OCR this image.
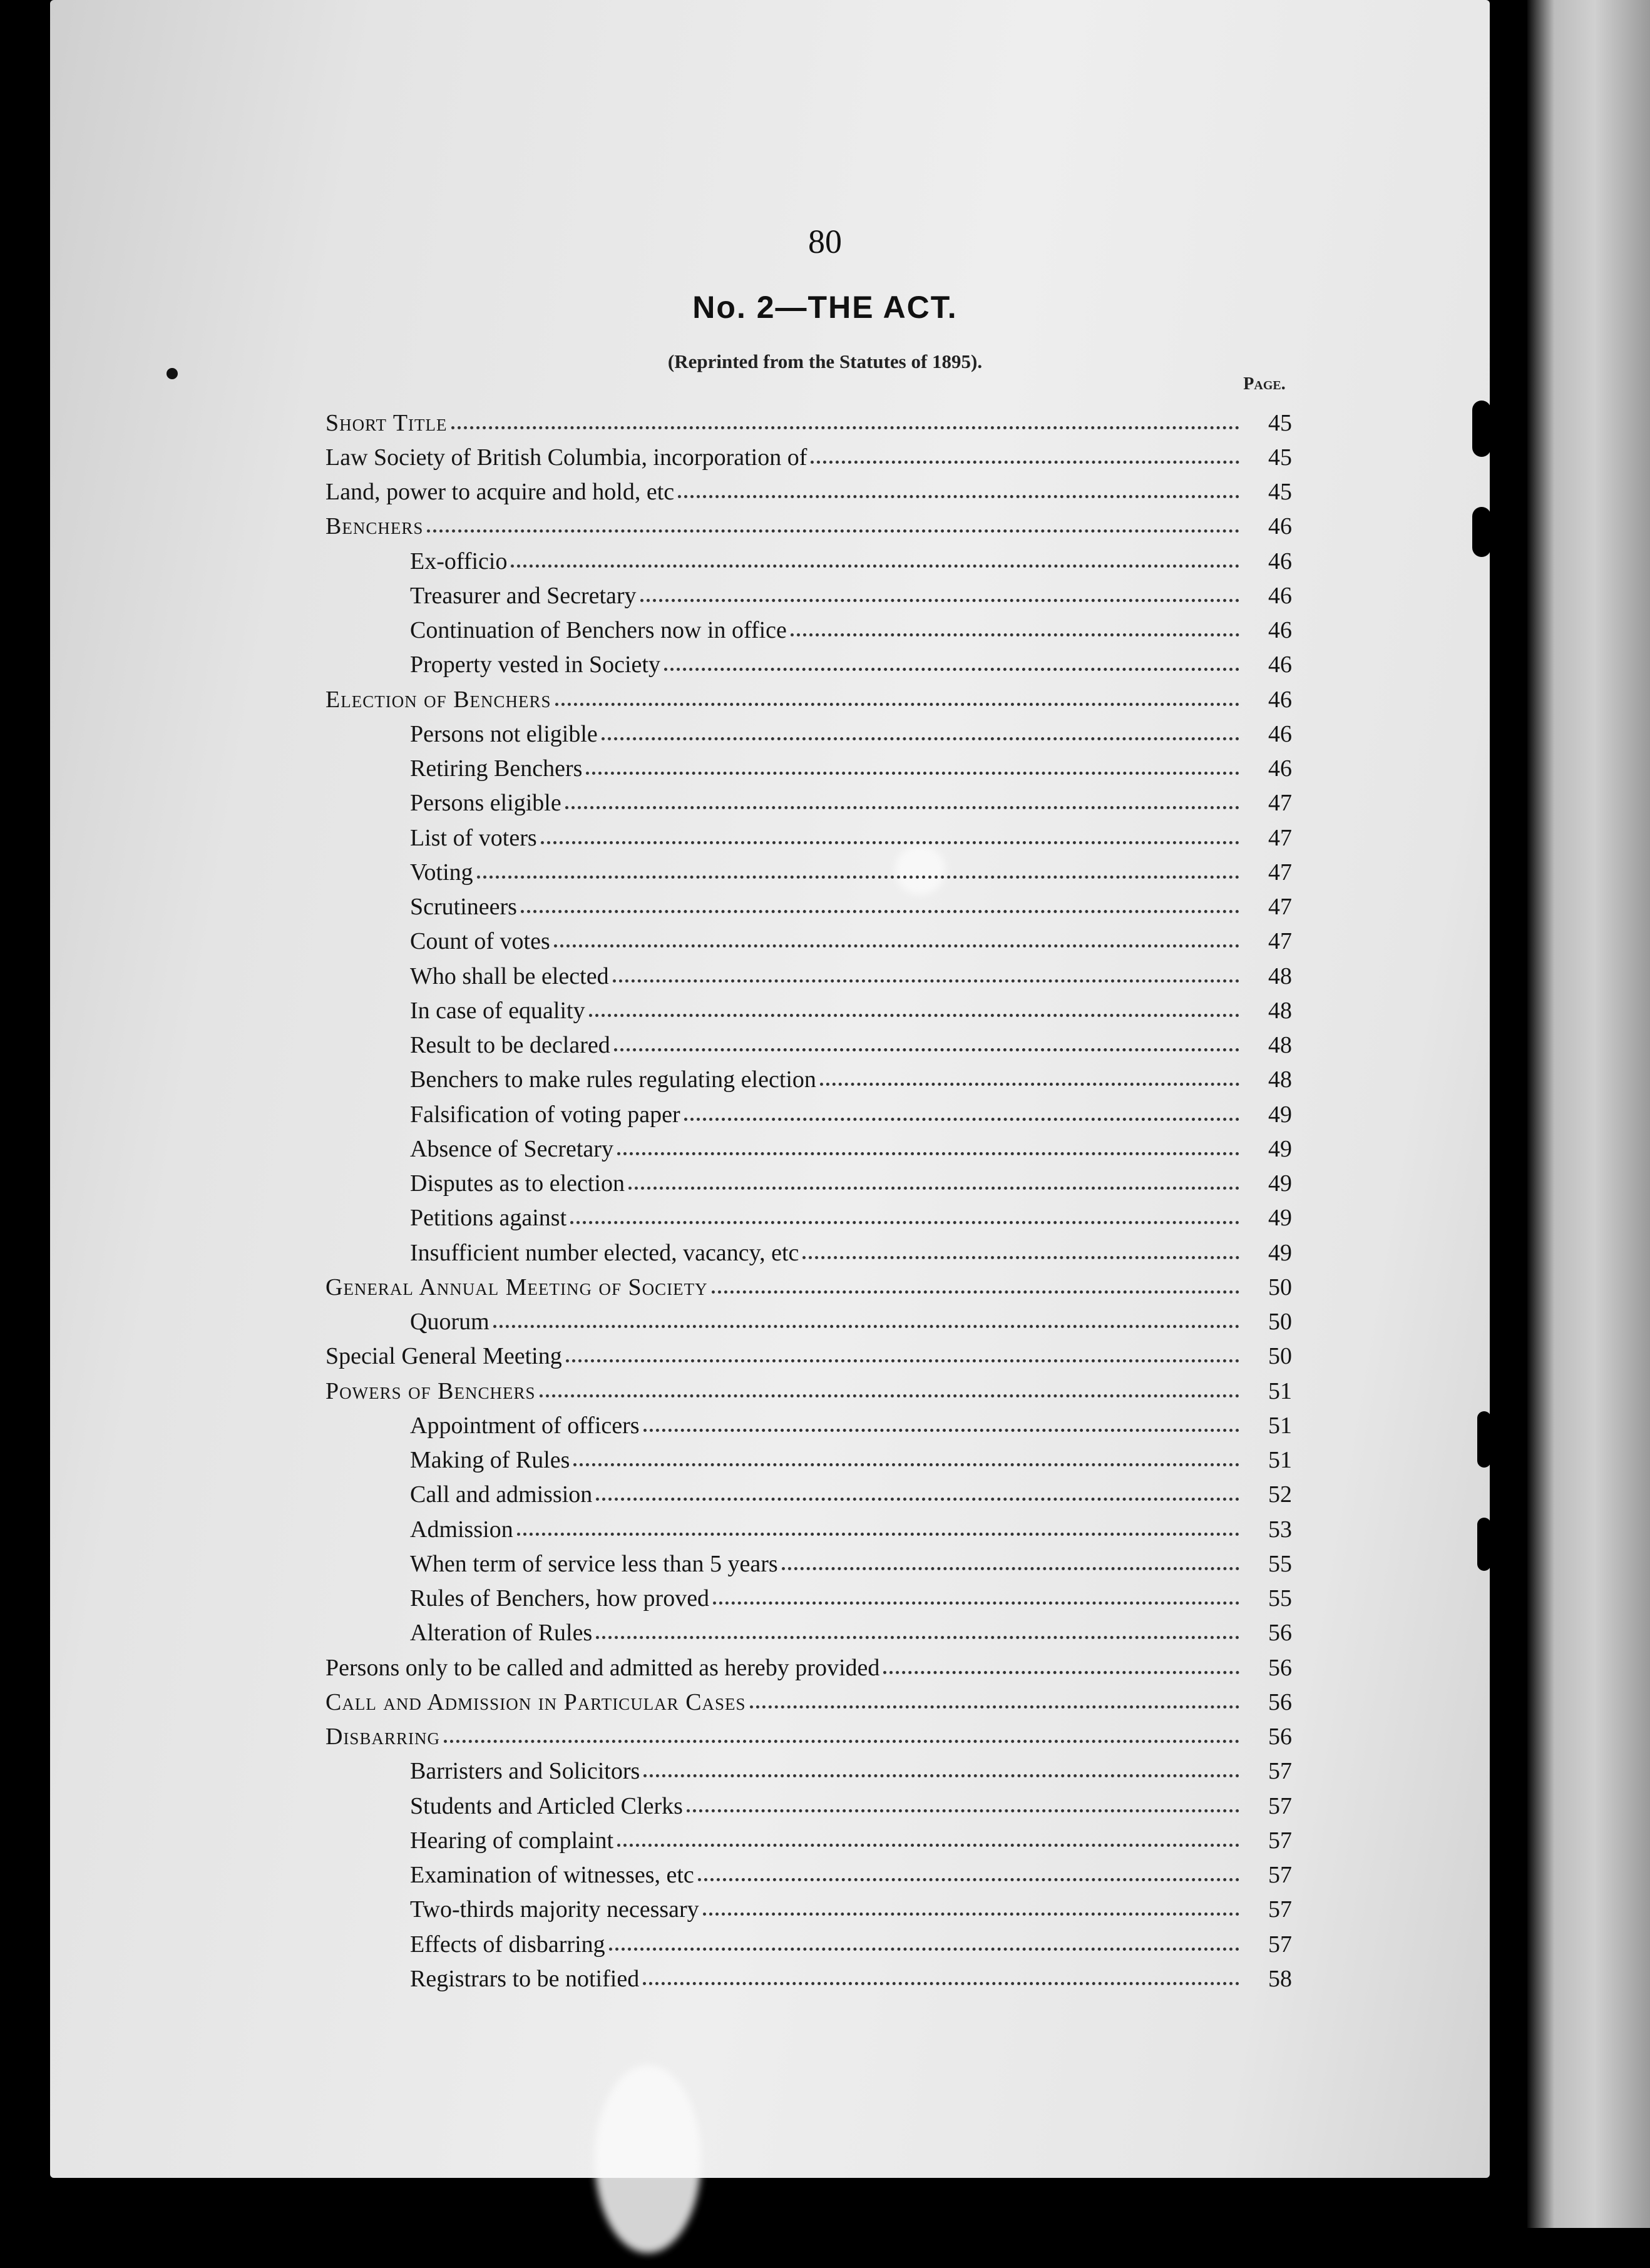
80
No. 2—THE ACT.
(Reprinted from the Statutes of 1895).
Page.
Short Title	45
Law Society of British Columbia, incorporation of	45
Land, power to acquire and hold, etc	45
Benchers	46
Ex-officio	46
Treasurer and Secretary	46
Continuation of Benchers now in office	46
Property vested in Society	46
Election of Benchers	46
Persons not eligible	46
Retiring Benchers	46
Persons eligible	47
List of voters	47
Voting	47
Scrutineers	47
Count of votes	47
Who shall be elected	48
In case of equality	48
Result to be declared	48
Benchers to make rules regulating election	48
Falsification of voting paper	49
Absence of Secretary	49
Disputes as to election	49
Petitions against	49
Insufficient number elected, vacancy, etc	49
General Annual Meeting of Society	50
Quorum	50
Special General Meeting	50
Powers of Benchers	51
Appointment of officers	51
Making of Rules	51
Call and admission	52
Admission	53
When term of service less than 5 years	55
Rules of Benchers, how proved	55
Alteration of Rules	56
Persons only to be called and admitted as hereby provided	56
Call and Admission in Particular Cases	56
Disbarring	56
Barristers and Solicitors	57
Students and Articled Clerks	57
Hearing of complaint	57
Examination of witnesses, etc	57
Two-thirds majority necessary	57
Effects of disbarring	57
Registrars to be notified	58
